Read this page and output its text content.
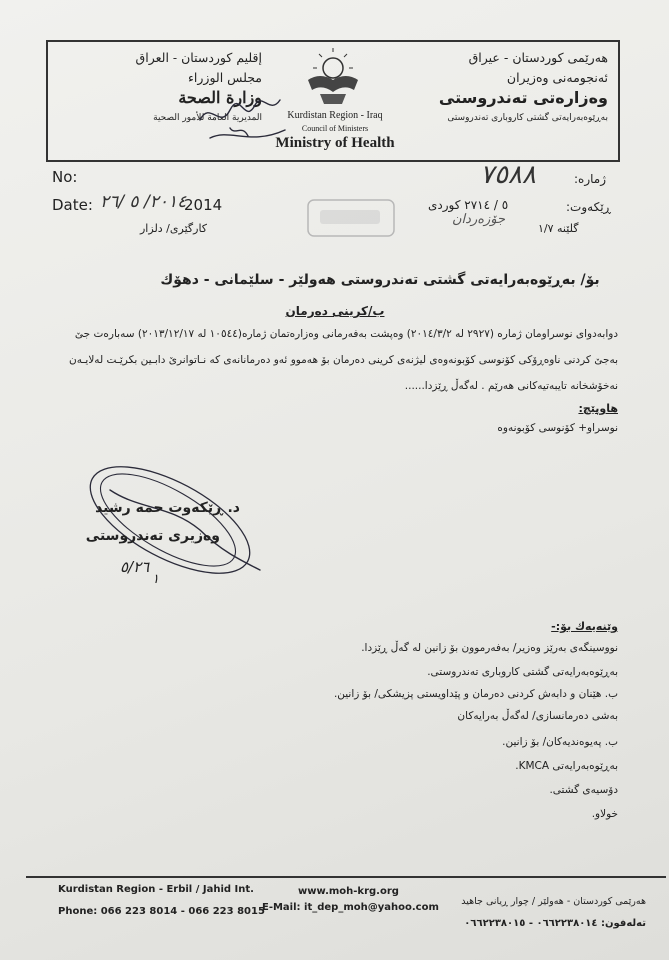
إقليم كوردستان - العراق
مجلس الوزراء
وزارة الصحة
المديرية العامة للأمور الصحية	Kurdistan Region - Iraq
Council of Ministers
Ministry of Health
هەرێمی کوردستان - عیراق
ئەنجومەنی وەزیران
وەزارەتی تەندروستی
بەڕێوەبەرایەتی گشتی کاروباری تەندروستی
No:
Date: ٢٠١٤/ ٥ /٢٦
2014
کارگێری/ دلزار
ژمارە:
٧٥٨٨
ڕێکەوت:
٥ / ٢٧١٤ کوردی
جۆزەردان
گلێنە ١/٧
بۆ/ بەڕێوەبەرایەتی گشتی تەندروستی هەولێر - سلێمانی - دهۆك
ب/کرینی دەرمان
دوابەدوای نوسراومان ژمارە (٢٩٢٧ لە ٢٠١٤/٣/٢) وەپشت بەفەرمانی وەزارەتمان ژمارە(١٠٥٤٤ لە ٢٠١٣/١٢/١٧) سەبارەت جێ
بەجێ کردنی ناوەڕۆکی کۆنوسی کۆبونەوەی لیژنەی کرینی دەرمان بۆ هەموو ئەو دەرمانانەی کە نـاتوانرێ دابـین بکرێـت لەلایـەن
نەخۆشخانە تایبەتیەکانی هەرێم . لەگەڵ ڕێزدا......
هاوپێچ:
نوسراو+ کۆنوسی کۆبونەوە
د. ڕێکەوت حمه رشید
وەزیری تەندروستی
٥/٢٦
١
وێنەیەك بۆ:-
نووسینگەی بەرێز وەزیر/ بەفەرموون بۆ زانین لە گەڵ ڕێزدا.
بەڕێوەبەرایەتی گشتی کاروباری تەندروستی.
ب. هێنان و دابەش کردنی دەرمان و پێداویستی پزیشکی/ بۆ زانین.
بەشی دەرمانسازی/ لەگەڵ بەرایەکان
ب. پەیوەندیەکان/ بۆ زانین.
بەڕێوەبەرایەتی KMCA.
دۆسیەی گشتی.
خولاو.
Kurdistan Region - Erbil / Jahid Int.
Phone: 066 223 8014 - 066 223 8015
www.moh-krg.org
E-Mail: it_dep_moh@yahoo.com
هەرێمی کوردستان - هەولێر / چوار ڕیانی جاهید
تەلەفون: ٠٦٦٢٢٣٨٠١٤ - ٠٦٦٢٢٣٨٠١٥
